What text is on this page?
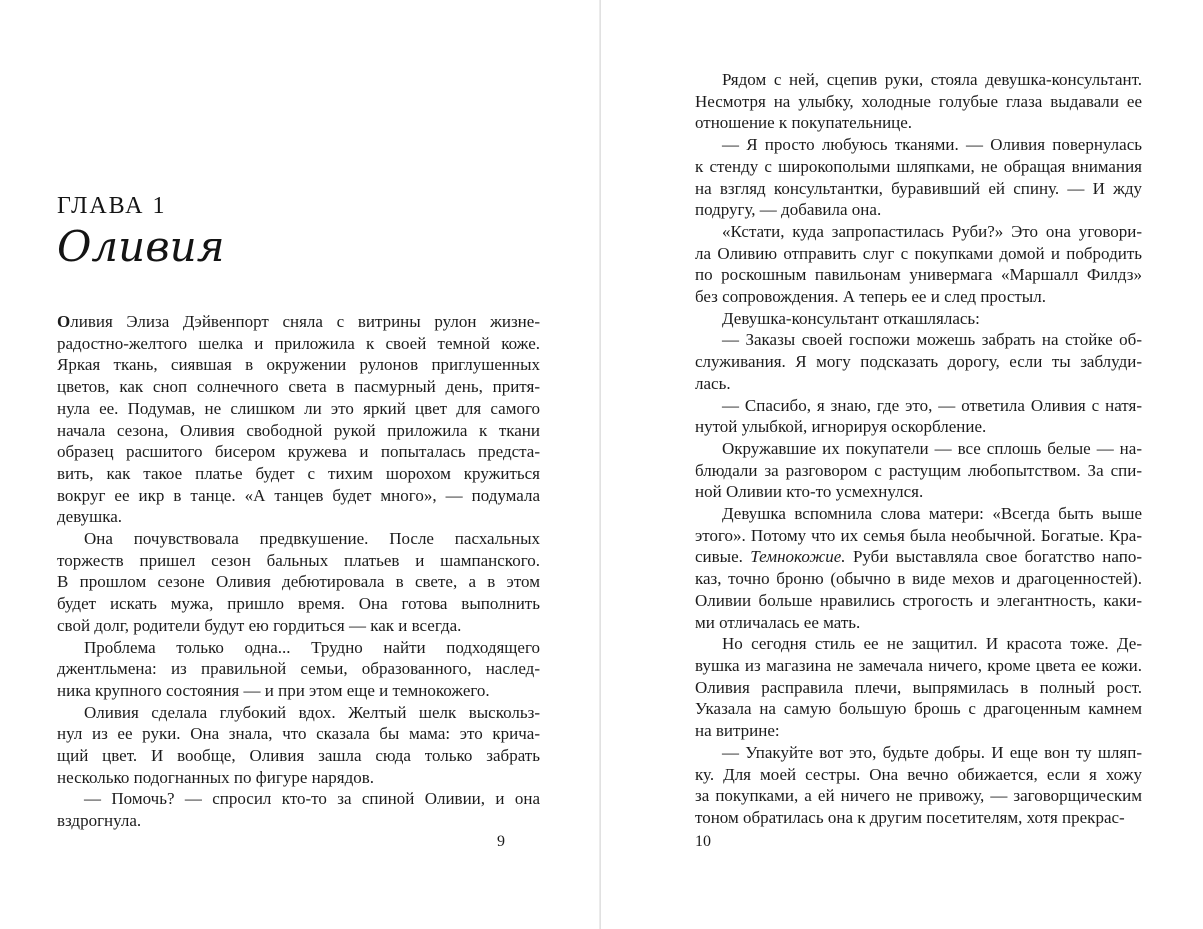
ГЛАВА 1
Оливия

Оливия Элиза Дэйвенпорт сняла с витрины рулон жизне-
радостно-желтого шелка и приложила к своей темной коже.
Яркая ткань, сиявшая в окружении рулонов приглушенных
цветов, как сноп солнечного света в пасмурный день, притя-
нула ее. Подумав, не слишком ли это яркий цвет для самого
начала сезона, Оливия свободной рукой приложила к ткани
образец расшитого бисером кружева и попыталась предста-
вить, как такое платье будет с тихим шорохом кружиться
вокруг ее икр в танце. «А танцев будет много», — подумала
девушка.

Она почувствовала предвкушение. После пасхальных
торжеств пришел сезон бальных платьев и шампанского.
В прошлом сезоне Оливия дебютировала в свете, а в этом
будет искать мужа, пришло время. Она готова выполнить
свой долг, родители будут ею гордиться — как и всегда.

Проблема только одна... Трудно найти подходящего
джентльмена: из правильной семьи, образованного, наслед-
ника крупного состояния — и при этом еще и темнокожего.

Оливия сделала глубокий вдох. Желтый шелк выскольз-
нул из ее руки. Она знала, что сказала бы мама: это крича-
щий цвет. И вообще, Оливия зашла сюда только забрать
несколько подогнанных по фигуре нарядов.

— Помочь? — спросил кто-то за спиной Оливии, и она
вздрогнула.

9

Рядом с ней, сцепив руки, стояла девушка-консультант.
Несмотря на улыбку, холодные голубые глаза выдавали ее
отношение к покупательнице.

— Я просто любуюсь тканями. — Оливия повернулась
к стенду с широкополыми шляпками, не обращая внимания
на взгляд консультантки, буравивший ей спину. — И жду
подругу, — добавила она.

«Кстати, куда запропастилась Руби?» Это она уговори-
ла Оливию отправить слуг с покупками домой и побродить
по роскошным павильонам универмага «Маршалл Филдз»
без сопровождения. А теперь ее и след простыл.

Девушка-консультант откашлялась:

— Заказы своей госпожи можешь забрать на стойке об-
служивания. Я могу подсказать дорогу, если ты заблуди-
лась.

— Спасибо, я знаю, где это, — ответила Оливия с натя-
нутой улыбкой, игнорируя оскорбление.

Окружавшие их покупатели — все сплошь белые — на-
блюдали за разговором с растущим любопытством. За спи-
ной Оливии кто-то усмехнулся.

Девушка вспомнила слова матери: «Всегда быть выше
этого». Потому что их семья была необычной. Богатые. Кра-
сивые. Темнокожие. Руби выставляла свое богатство напо-
каз, точно броню (обычно в виде мехов и драгоценностей).
Оливии больше нравились строгость и элегантность, каки-
ми отличалась ее мать.

Но сегодня стиль ее не защитил. И красота тоже. Де-
вушка из магазина не замечала ничего, кроме цвета ее кожи.
Оливия расправила плечи, выпрямилась в полный рост.
Указала на самую большую брошь с драгоценным камнем
на витрине:

— Упакуйте вот это, будьте добры. И еще вон ту шляп-
ку. Для моей сестры. Она вечно обижается, если я хожу
за покупками, а ей ничего не привожу, — заговорщическим
тоном обратилась она к другим посетителям, хотя прекрас-

10
